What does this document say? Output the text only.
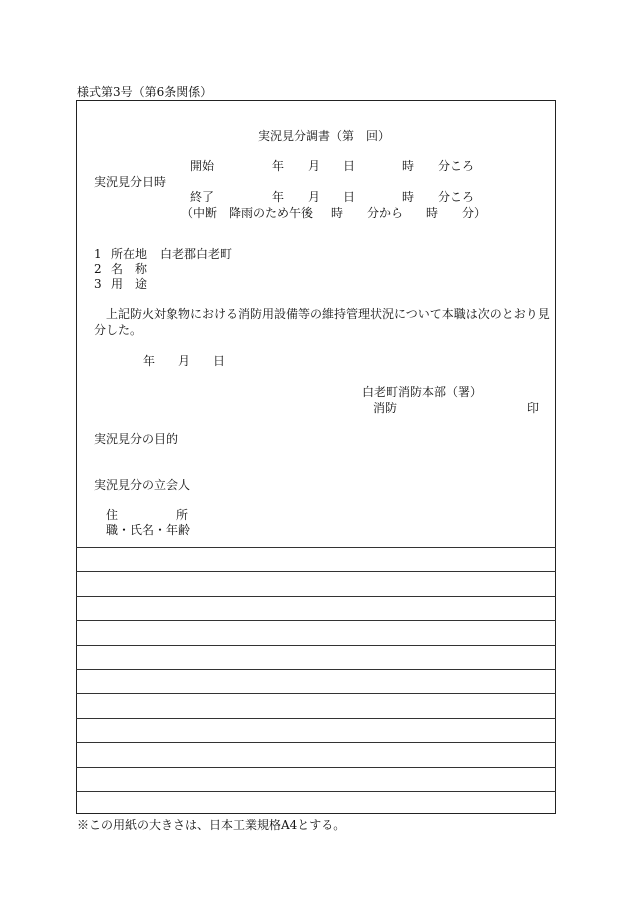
様式第3号（第6条関係）
実況見分調書（第　回）
開始	年 月 日	時 分ころ
実況見分日時
終了	年 月 日	時 分ころ
（中断　降雨のため午後 時 分から 時 分）
1 所在地 白老郡白老町
2 名　称
3 用　途
上記防火対象物における消防用設備等の維持管理状況について本職は次のとおり見
分した。
年 月 日
白老町消防本部（署）
消防	印
実況見分の目的
実況見分の立会人
住	所
職・氏名・年齢
※この用紙の大きさは、日本工業規格A4とする。
